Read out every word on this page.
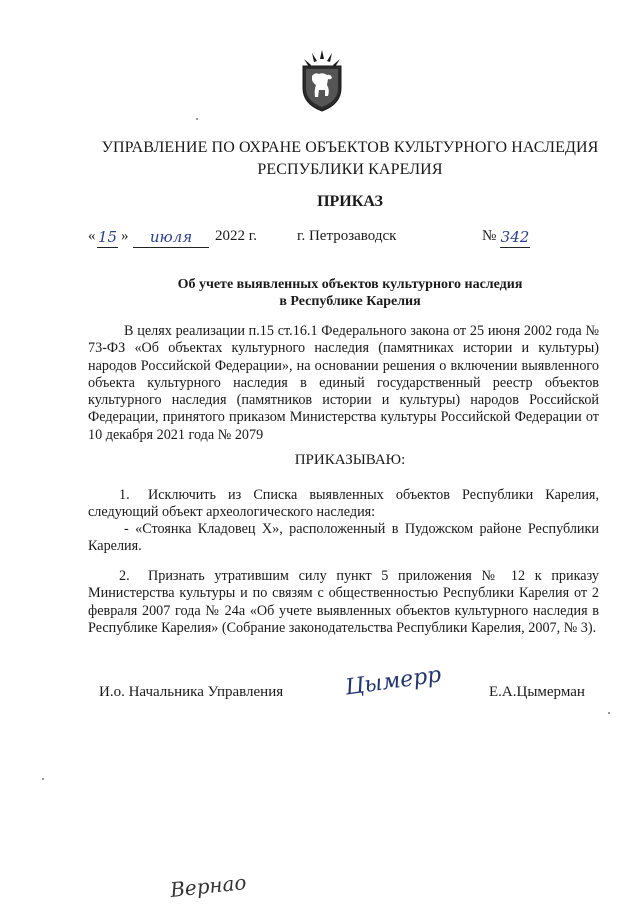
УПРАВЛЕНИЕ ПО ОХРАНЕ ОБЪЕКТОВ КУЛЬТУРНОГО НАСЛЕДИЯ
РЕСПУБЛИКИ КАРЕЛИЯ
ПРИКАЗ
« 15 »	июля	2022 г.	г. Петрозаводск	№ 342
Об учете выявленных объектов культурного наследия
в Республике Карелия

В целях реализации п.15 ст.16.1 Федерального закона от 25 июня 2002 года № 73-ФЗ «Об объектах культурного наследия (памятниках истории и культуры) народов Российской Федерации», на основании решения о включении выявленного объекта культурного наследия в единый государственный реестр объектов культурного наследия (памятников истории и культуры) народов Российской Федерации, принятого приказом Министерства культуры Российской Федерации от 10 декабря 2021 года № 2079

ПРИКАЗЫВАЮ:
1. Исключить из Списка выявленных объектов Республики Карелия, следующий объект археологического наследия:
- «Стоянка Кладовец Х», расположенный в Пудожском районе Республики Карелия.
2. Признать утратившим силу пункт 5 приложения № 12 к приказу Министерства культуры и по связям с общественностью Республики Карелия от 2 февраля 2007 года № 24а «Об учете выявленных объектов культурного наследия в Республике Карелия» (Собрание законодательства Республики Карелия, 2007, № 3).
И.о. Начальника Управления	Е.А.Цымерман
Цымерр
Вернао
